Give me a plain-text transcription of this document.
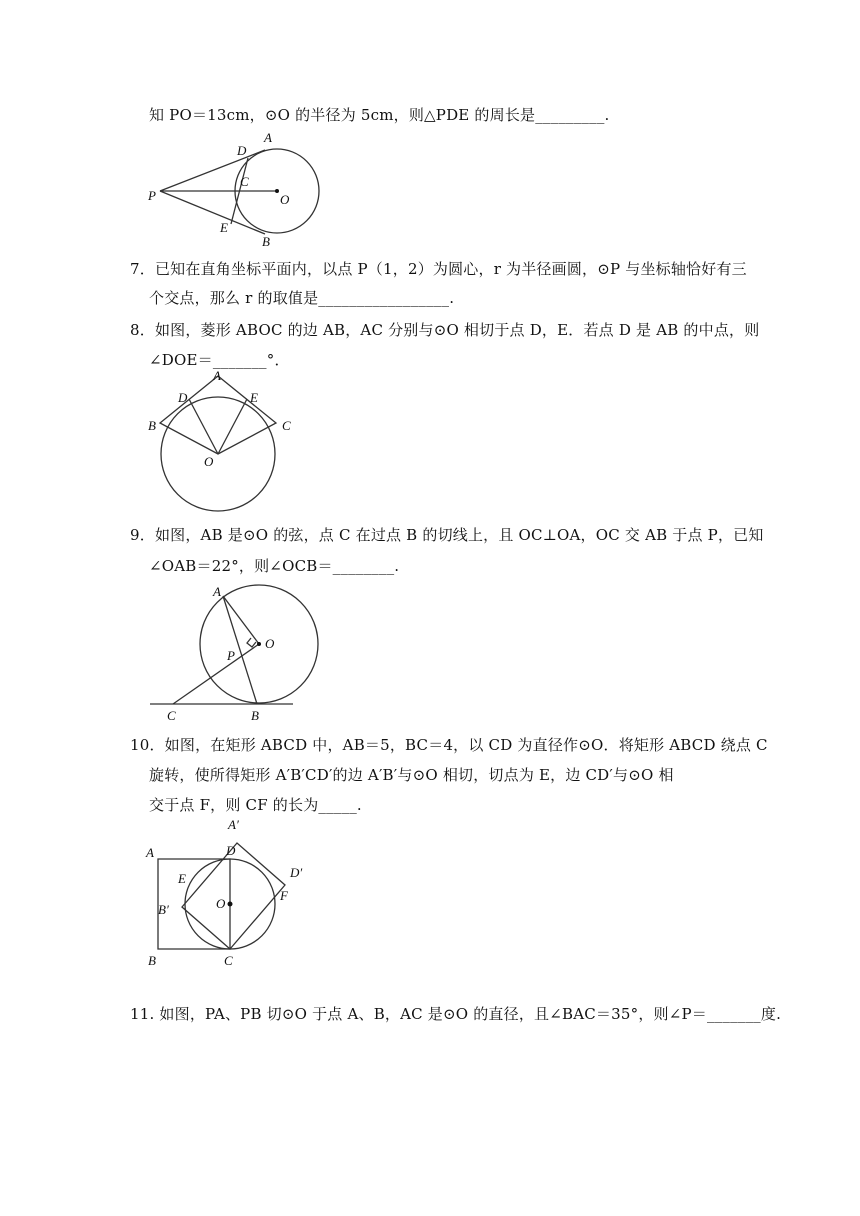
知 PO＝13cm，⊙O 的半径为 5cm，则△PDE 的周长是_________.
P
D
A
C
O
E
B
7．已知在直角坐标平面内，以点 P（1，2）为圆心，r 为半径画圆，⊙P 与坐标轴恰好有三
个交点，那么 r 的取值是_________________.
8．如图，菱形 ABOC 的边 AB，AC 分别与⊙O 相切于点 D，E．若点 D 是 AB 的中点，则
∠DOE＝_______°．
A
D	E
B	C
O
9．如图，AB 是⊙O 的弦，点 C 在过点 B 的切线上，且 OC⊥OA，OC 交 AB 于点 P，已知
∠OAB＝22°，则∠OCB＝________.
A
O
P
C	B
10．如图，在矩形 ABCD 中，AB＝5，BC＝4，以 CD 为直径作⊙O．将矩形 ABCD 绕点 C
旋转，使所得矩形 A′B′CD′的边 A′B′与⊙O 相切，切点为 E，边 CD′与⊙O 相
交于点 F，则 CF 的长为_____.
A′
A	D
D′
E
B′	O
F
B	C
11. 如图，PA、PB 切⊙O 于点 A、B，AC 是⊙O 的直径，且∠BAC＝35°，则∠P＝_______度.
